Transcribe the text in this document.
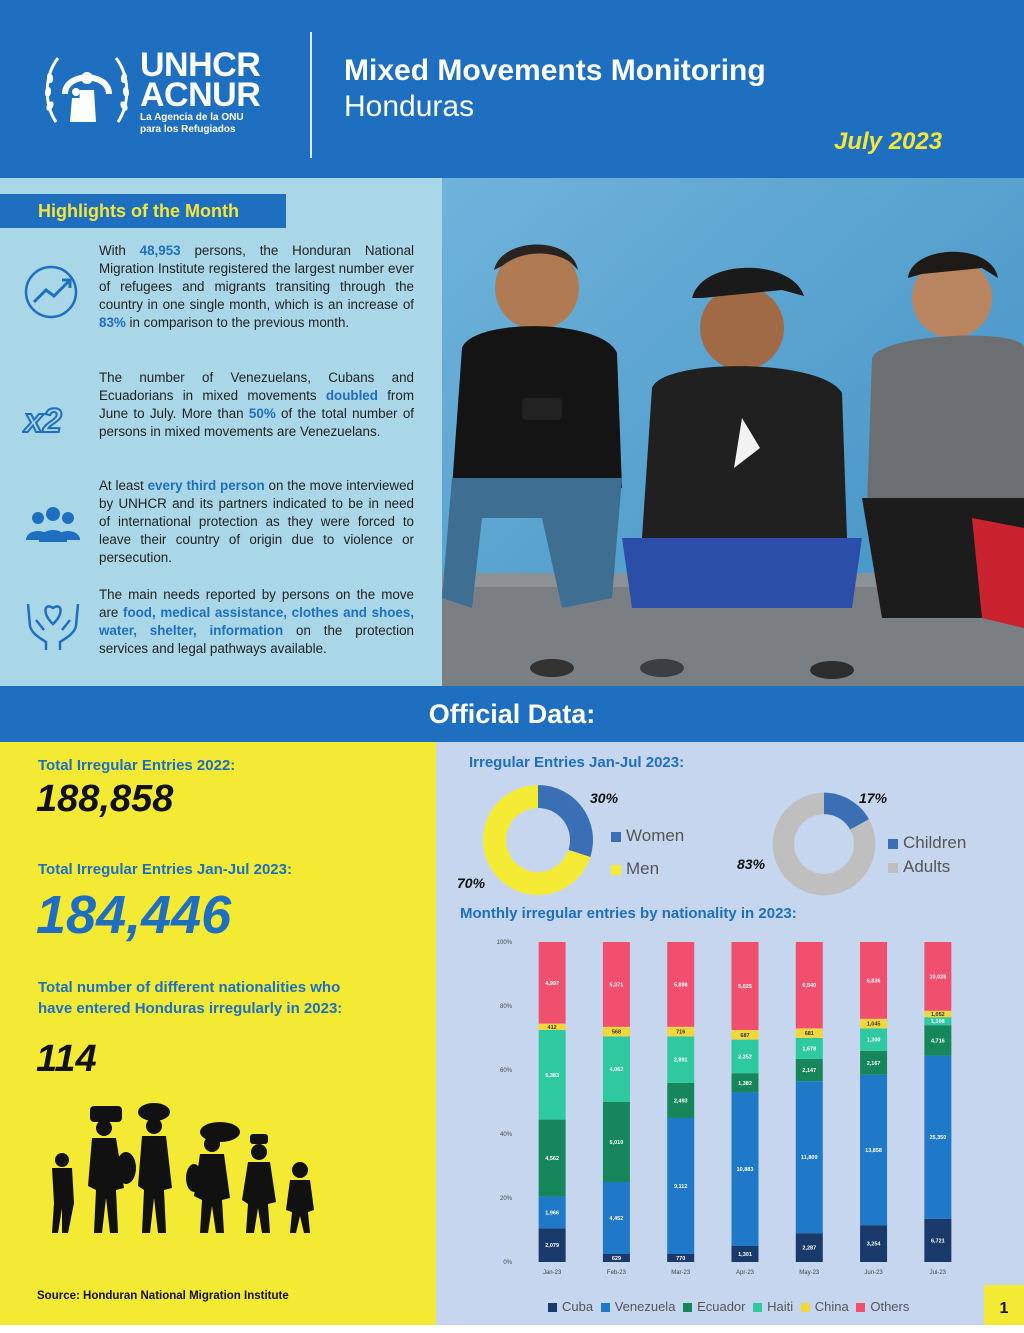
UNHCR
ACNUR
La Agencia de la ONU
para los Refugiados
Mixed Movements Monitoring
Honduras
July 2023
Highlights of the Month
With 48,953 persons, the Honduran National Migration Institute registered the largest number ever of refugees and migrants transiting through the country in one single month, which is an increase of 83% in comparison to the previous month.
x2
The number of Venezuelans, Cubans and Ecuadorians in mixed movements doubled from June to July. More than 50% of the total number of persons in mixed movements are Venezuelans.
At least every third person on the move interviewed by UNHCR and its partners indicated to be in need of international protection as they were forced to leave their country of origin due to violence or persecution.
The main needs reported by persons on the move are food, medical assistance, clothes and shoes, water, shelter, information on the protection services and legal pathways available.
Official Data:
Total Irregular Entries 2022:
188,858
Total Irregular Entries Jan-Jul 2023:
184,446
Total number of different nationalities who
have entered Honduras irregularly in 2023:
114
Source: Honduran National Migration Institute
Irregular Entries Jan-Jul 2023:
30%
70%
Women
Men
17%
83%
Children
Adults
Monthly irregular entries by nationality in 2023:
0%
20%
40%
60%
80%
100%
2,079
1,966
4,562
5,383
412
4,997
Jan-23
629
4,452
5,010
4,062
568
5,371
Feb-23
770
9,112
2,493
2,891
716
5,898
Mar-23
1,301
10,883
1,382
2,352
687
5,625
Apr-23
2,287
11,809
2,147
1,678
681
6,540
May-23
3,254
13,858
2,167
1,300
1,045
6,836
Jun-23
6,721
25,350
4,716
1,108
1,052
10,028
Jul-23
Cuba Venezuela Ecuador Haiti China Others	1
